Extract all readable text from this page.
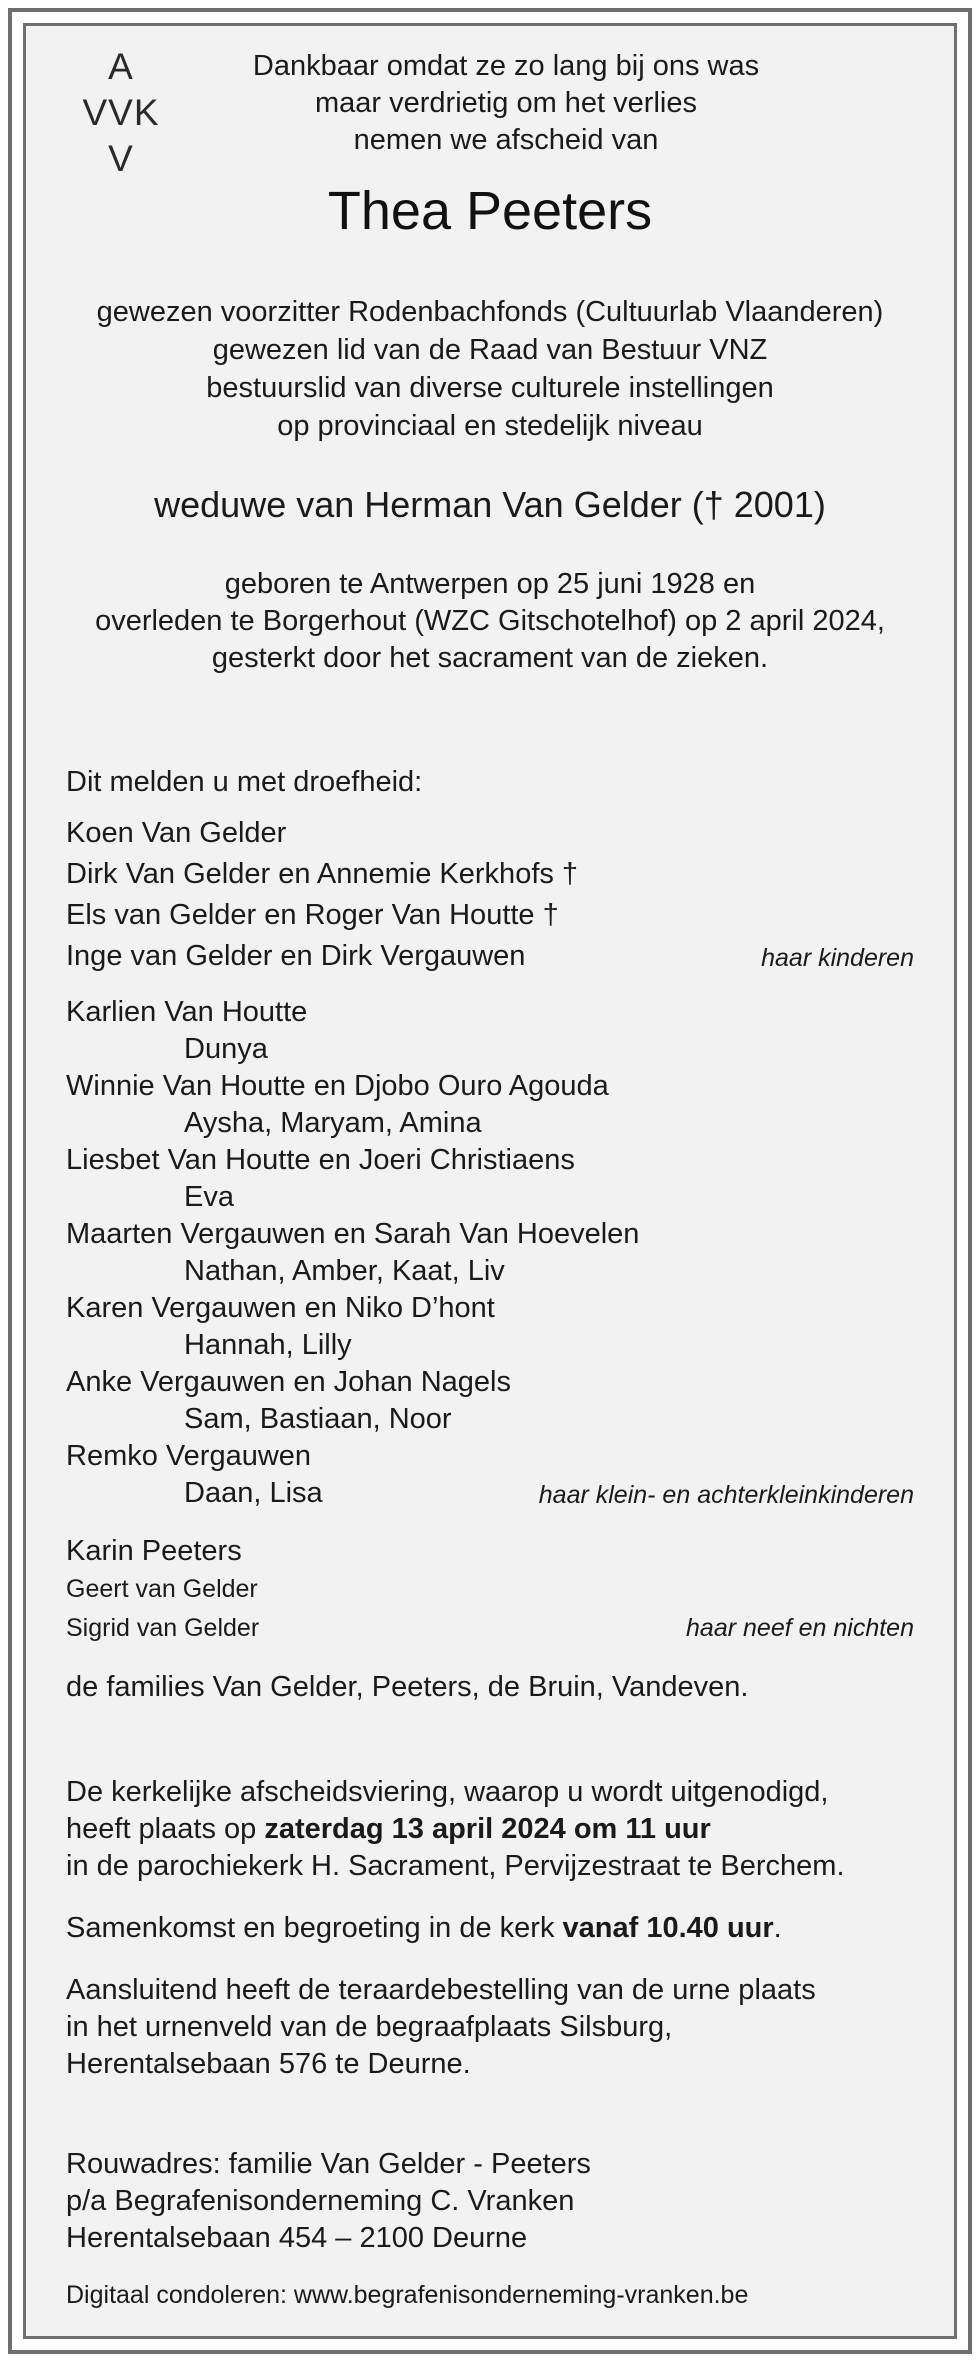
A
VVK
V
Dankbaar omdat ze zo lang bij ons was
maar verdrietig om het verlies
nemen we afscheid van
Thea Peeters
gewezen voorzitter Rodenbachfonds (Cultuurlab Vlaanderen)
gewezen lid van de Raad van Bestuur VNZ
bestuurslid van diverse culturele instellingen
op provinciaal en stedelijk niveau
weduwe van Herman Van Gelder († 2001)
geboren te Antwerpen op 25 juni 1928 en
overleden te Borgerhout (WZC Gitschotelhof) op 2 april 2024,
gesterkt door het sacrament van de zieken.
Dit melden u met droefheid:
Koen Van Gelder
Dirk Van Gelder en Annemie Kerkhofs †
Els van Gelder en Roger Van Houtte †
Inge van Gelder en Dirk Vergauwen	haar kinderen
Karlien Van Houtte
Dunya
Winnie Van Houtte en Djobo Ouro Agouda
Aysha, Maryam, Amina
Liesbet Van Houtte en Joeri Christiaens
Eva
Maarten Vergauwen en Sarah Van Hoevelen
Nathan, Amber, Kaat, Liv
Karen Vergauwen en Niko D’hont
Hannah, Lilly
Anke Vergauwen en Johan Nagels
Sam, Bastiaan, Noor
Remko Vergauwen
Daan, Lisa	haar klein- en achterkleinkinderen
Karin Peeters
Geert van Gelder
Sigrid van Gelder	haar neef en nichten
de families Van Gelder, Peeters, de Bruin, Vandeven.
De kerkelijke afscheidsviering, waarop u wordt uitgenodigd,
heeft plaats op zaterdag 13 april 2024 om 11 uur
in de parochiekerk H. Sacrament, Pervijzestraat te Berchem.
Samenkomst en begroeting in de kerk vanaf 10.40 uur.
Aansluitend heeft de teraardebestelling van de urne plaats
in het urnenveld van de begraafplaats Silsburg,
Herentalsebaan 576 te Deurne.
Rouwadres: familie Van Gelder - Peeters
p/a Begrafenisonderneming C. Vranken
Herentalsebaan 454 – 2100 Deurne
Digitaal condoleren: www.begrafenisonderneming-vranken.be
